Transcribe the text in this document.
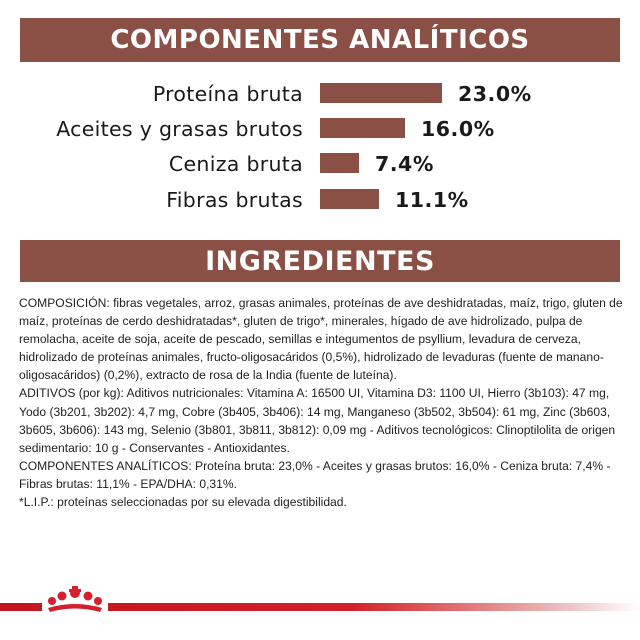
COMPONENTES ANALÍTICOS
Proteína bruta	23.0%
Aceites y grasas brutos	16.0%
Ceniza bruta	7.4%
Fibras brutas	11.1%
INGREDIENTES

COMPOSICIÓN: fibras vegetales, arroz, grasas animales, proteínas de ave deshidratadas, maíz, trigo, gluten de maíz, proteínas de cerdo deshidratadas*, gluten de trigo*, minerales, hígado de ave hidrolizado, pulpa de remolacha, aceite de soja, aceite de pescado, semillas e integumentos de psyllium, levadura de cerveza, hidrolizado de proteínas animales, fructo-oligosacáridos (0,5%), hidrolizado de levaduras (fuente de manano-oligosacáridos) (0,2%), extracto de rosa de la India (fuente de luteína).

ADITIVOS (por kg): Aditivos nutricionales: Vitamina A: 16500 UI, Vitamina D3: 1100 UI, Hierro (3b103): 47 mg, Yodo (3b201, 3b202): 4,7 mg, Cobre (3b405, 3b406): 14 mg, Manganeso (3b502, 3b504): 61 mg, Zinc (3b603, 3b605, 3b606): 143 mg, Selenio (3b801, 3b811, 3b812): 0,09 mg - Aditivos tecnológicos: Clinoptilolita de origen sedimentario: 10 g - Conservantes - Antioxidantes.

COMPONENTES ANALÍTICOS: Proteína bruta: 23,0% - Aceites y grasas brutos: 16,0% - Ceniza bruta: 7,4% - Fibras brutas: 11,1% - EPA/DHA: 0,31%.

*L.I.P.: proteínas seleccionadas por su elevada digestibilidad.
